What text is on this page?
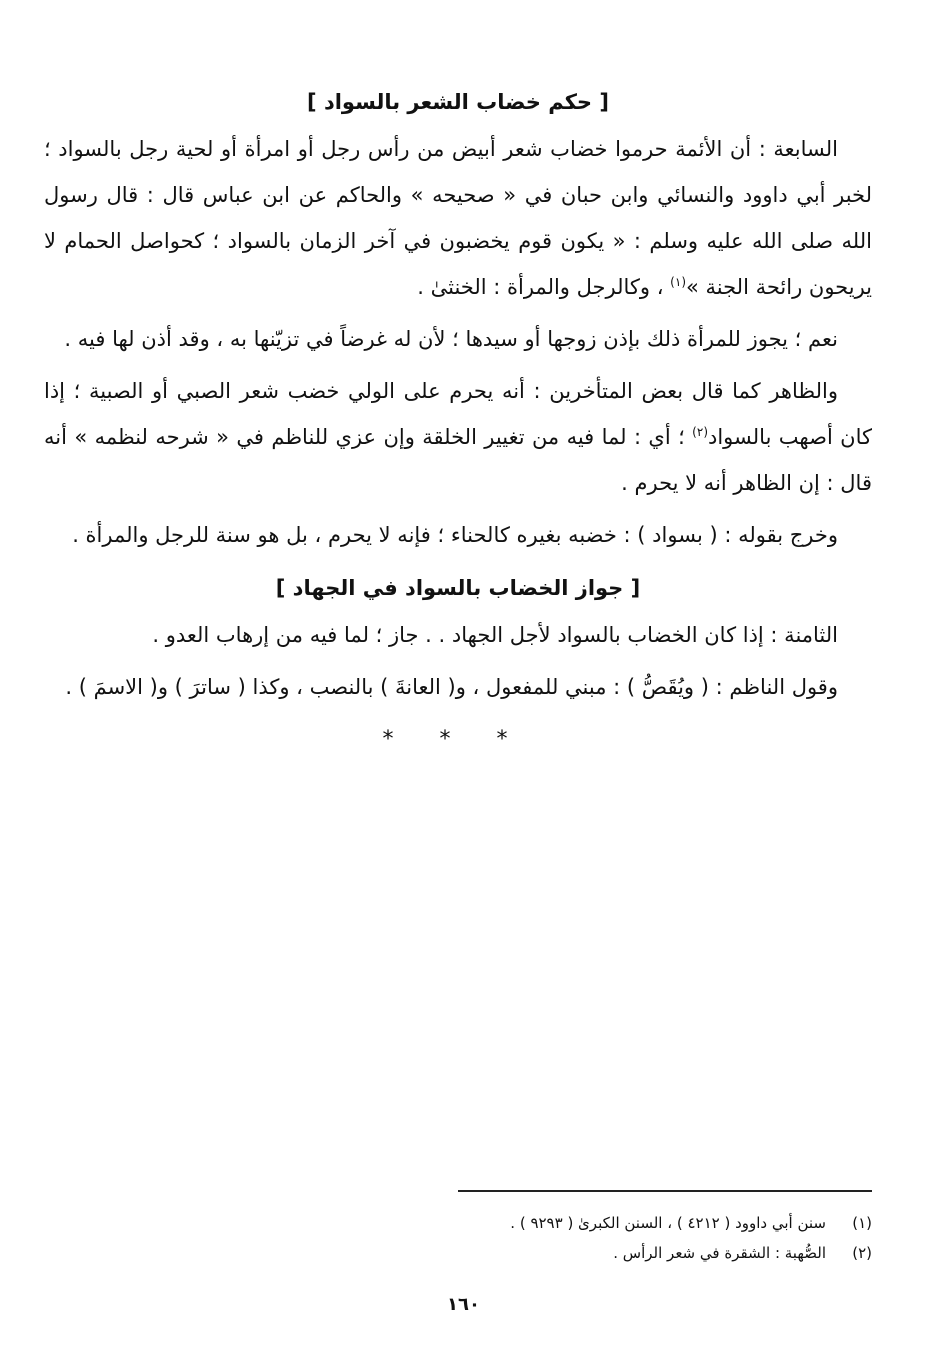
[ حكم خضاب الشعر بالسواد ]

السابعة : أن الأئمة حرموا خضاب شعر أبيض من رأس رجل أو امرأة أو لحية رجل بالسواد ؛ لخبر أبي داوود والنسائي وابن حبان في « صحيحه » والحاكم عن ابن عباس قال : قال رسول الله صلى الله عليه وسلم : « يكون قوم يخضبون في آخر الزمان بالسواد ؛ كحواصل الحمام لا يريحون رائحة الجنة »$^{(١)}$ ، وكالرجل والمرأة : الخنثىٰ .

نعم ؛ يجوز للمرأة ذلك بإذن زوجها أو سيدها ؛ لأن له غرضاً في تزيّنها به ، وقد أذن لها فيه .

والظاهر كما قال بعض المتأخرين : أنه يحرم على الولي خضب شعر الصبي أو الصبية ؛ إذا كان أصهب بالسواد$^{(٢)}$ ؛ أي : لما فيه من تغيير الخلقة وإن عزي للناظم في « شرحه لنظمه » أنه قال : إن الظاهر أنه لا يحرم .

وخرج بقوله : ( بسواد ) : خضبه بغيره كالحناء ؛ فإنه لا يحرم ، بل هو سنة للرجل والمرأة .

[ جواز الخضاب بالسواد في الجهاد ]

الثامنة : إذا كان الخضاب بالسواد لأجل الجهاد . . جاز ؛ لما فيه من إرهاب العدو .

وقول الناظم : ( ويُقَصُّ ) : مبني للمفعول ، و( العانةَ ) بالنصب ، وكذا ( ساترَ ) و( الاسمَ ) .

* * *

(١)سنن أبي داوود ( ٤٢١٢ ) ، السنن الكبرىٰ ( ٩٢٩٣ ) .

(٢)الصُّهبة : الشقرة في شعر الرأس .

١٦٠
